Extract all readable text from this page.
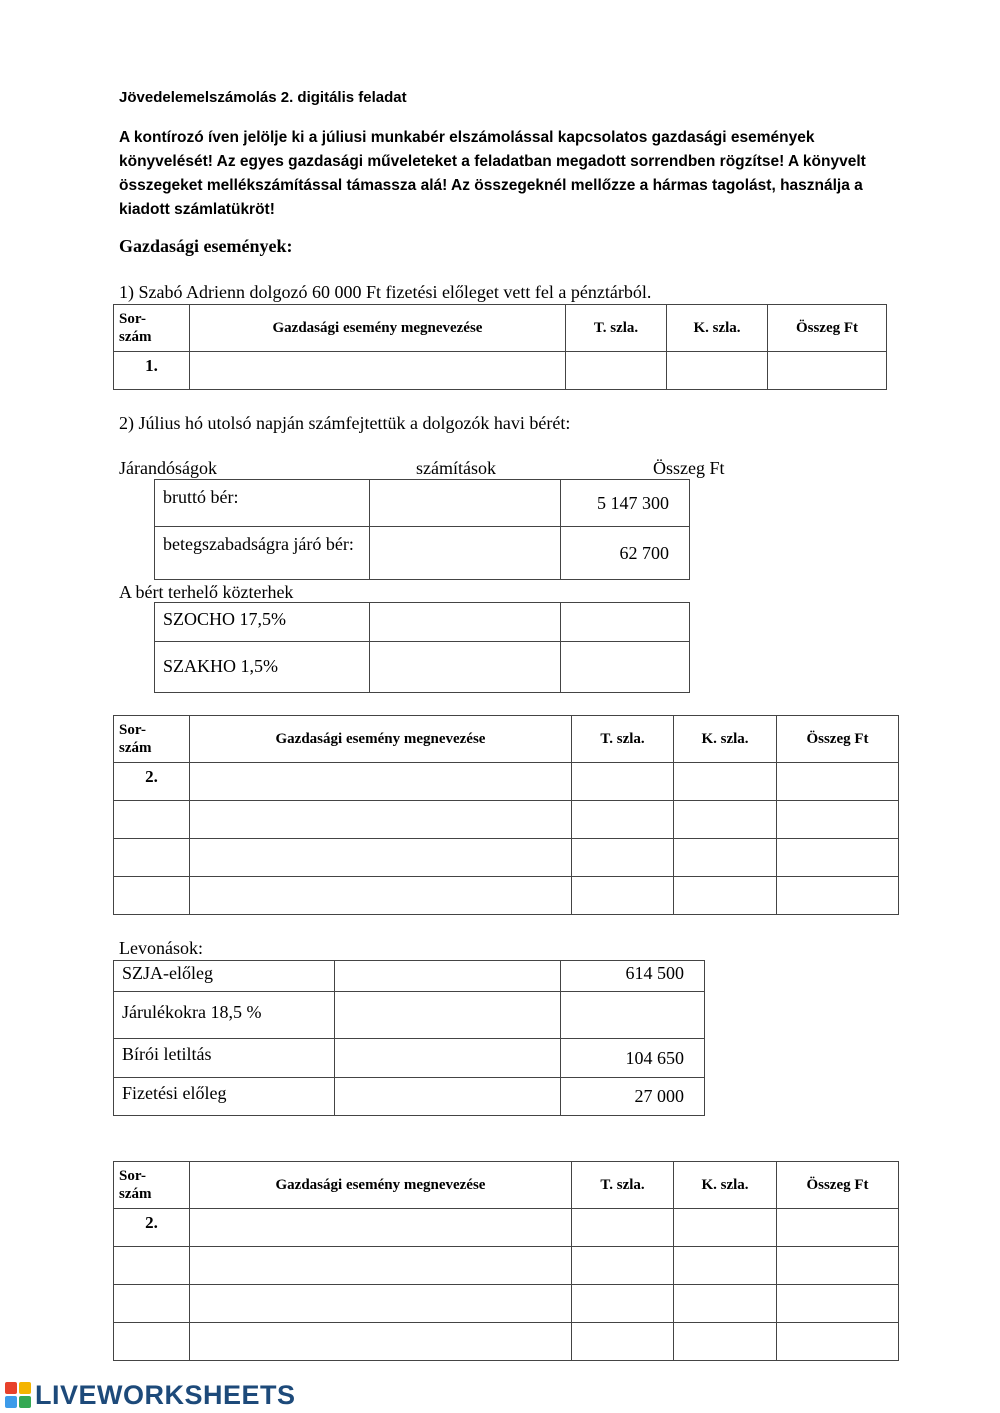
Jövedelemelszámolás 2. digitális feladat

A kontírozó íven jelölje ki a júliusi munkabér elszámolással kapcsolatos gazdasági események könyvelését! Az egyes gazdasági műveleteket a feladatban megadott sorrendben rögzítse! A könyvelt összegeket mellékszámítással támassza alá! Az összegeknél mellőzze a hármas tagolást, használja a kiadott számlatükröt!

Gazdasági események:
1) Szabó Adrienn dolgozó 60 000 Ft fizetési előleget vett fel a pénztárból.
Sor-
szám	Gazdasági esemény megnevezése	T. szla.	K. szla.	Összeg Ft
1.				
2) Július hó utolsó napján számfejtettük a dolgozók havi bérét:
Járandóságok	számítások	Összeg Ft
bruttó bér:		5 147 300
betegszabadságra járó bér:		62 700
A bért terhelő közterhek
SZOCHO 17,5%		
SZAKHO 1,5%		
Sor-
szám	Gazdasági esemény megnevezése	T. szla.	K. szla.	Összeg Ft
2.				

Levonások:
SZJA-előleg		614 500
Járulékokra 18,5 %		
Bírói letiltás		104 650
Fizetési előleg		27 000
Sor-
szám	Gazdasági esemény megnevezése	T. szla.	K. szla.	Összeg Ft
2.				

LIVEWORKSHEETS
